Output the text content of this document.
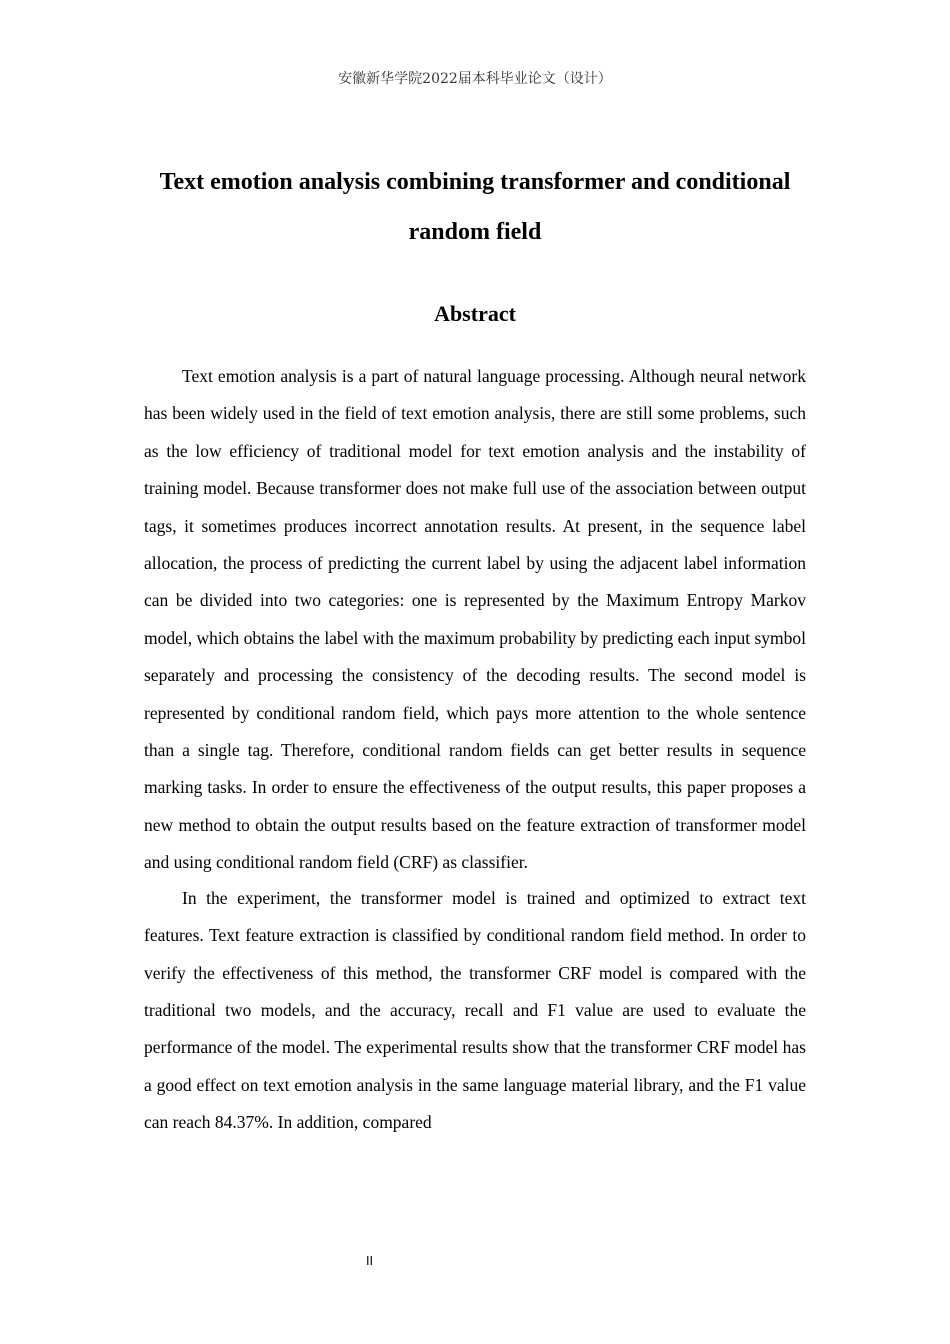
安徽新华学院2022届本科毕业论文（设计）
Text emotion analysis combining transformer and conditional random field
Abstract

Text emotion analysis is a part of natural language processing. Although neural network has been widely used in the field of text emotion analysis, there are still some problems, such as the low efficiency of traditional model for text emotion analysis and the instability of training model. Because transformer does not make full use of the association between output tags, it sometimes produces incorrect annotation results. At present, in the sequence label allocation, the process of predicting the current label by using the adjacent label information can be divided into two categories: one is represented by the Maximum Entropy Markov model, which obtains the label with the maximum probability by predicting each input symbol separately and processing the consistency of the decoding results. The second model is represented by conditional random field, which pays more attention to the whole sentence than a single tag. Therefore, conditional random fields can get better results in sequence marking tasks. In order to ensure the effectiveness of the output results, this paper proposes a new method to obtain the output results based on the feature extraction of transformer model and using conditional random field (CRF) as classifier.

In the experiment, the transformer model is trained and optimized to extract text features. Text feature extraction is classified by conditional random field method. In order to verify the effectiveness of this method, the transformer CRF model is compared with the traditional two models, and the accuracy, recall and F1 value are used to evaluate the performance of the model. The experimental results show that the transformer CRF model has a good effect on text emotion analysis in the same language material library, and the F1 value can reach 84.37%. In addition, compared

II
